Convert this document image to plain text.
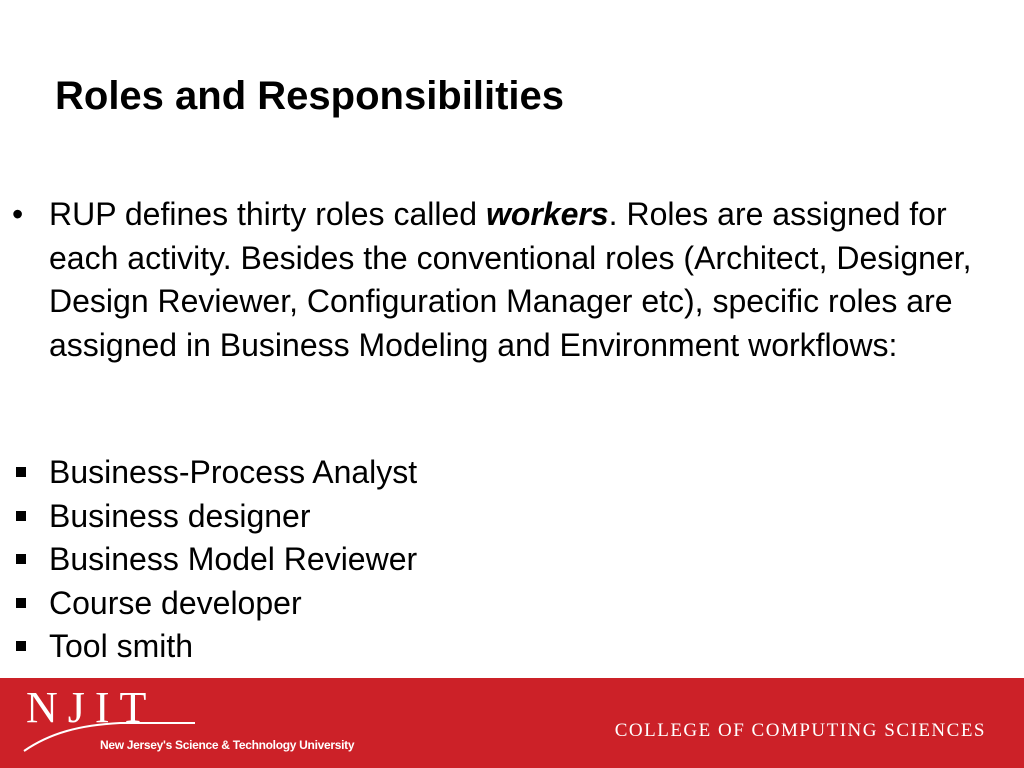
Roles and Responsibilities
• RUP defines thirty roles called workers. Roles are assigned for each activity. Besides the conventional roles (Architect, Designer, Design Reviewer, Configuration Manager etc), specific roles are assigned in Business Modeling and Environment workflows:
Business-Process Analyst
Business designer
Business Model Reviewer
Course developer
Tool smith
NJIT
New Jersey's Science & Technology University
COLLEGE OF COMPUTING SCIENCES
